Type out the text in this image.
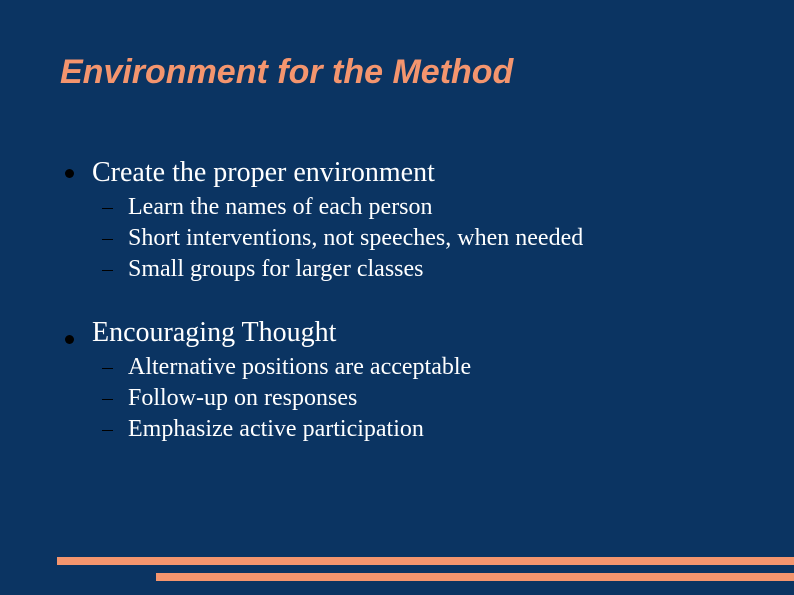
Environment for the Method
Create the proper environment
Learn the names of each person
Short interventions, not speeches, when needed
Small groups for larger classes
Encouraging Thought
Alternative positions are acceptable
Follow-up on responses
Emphasize active participation
